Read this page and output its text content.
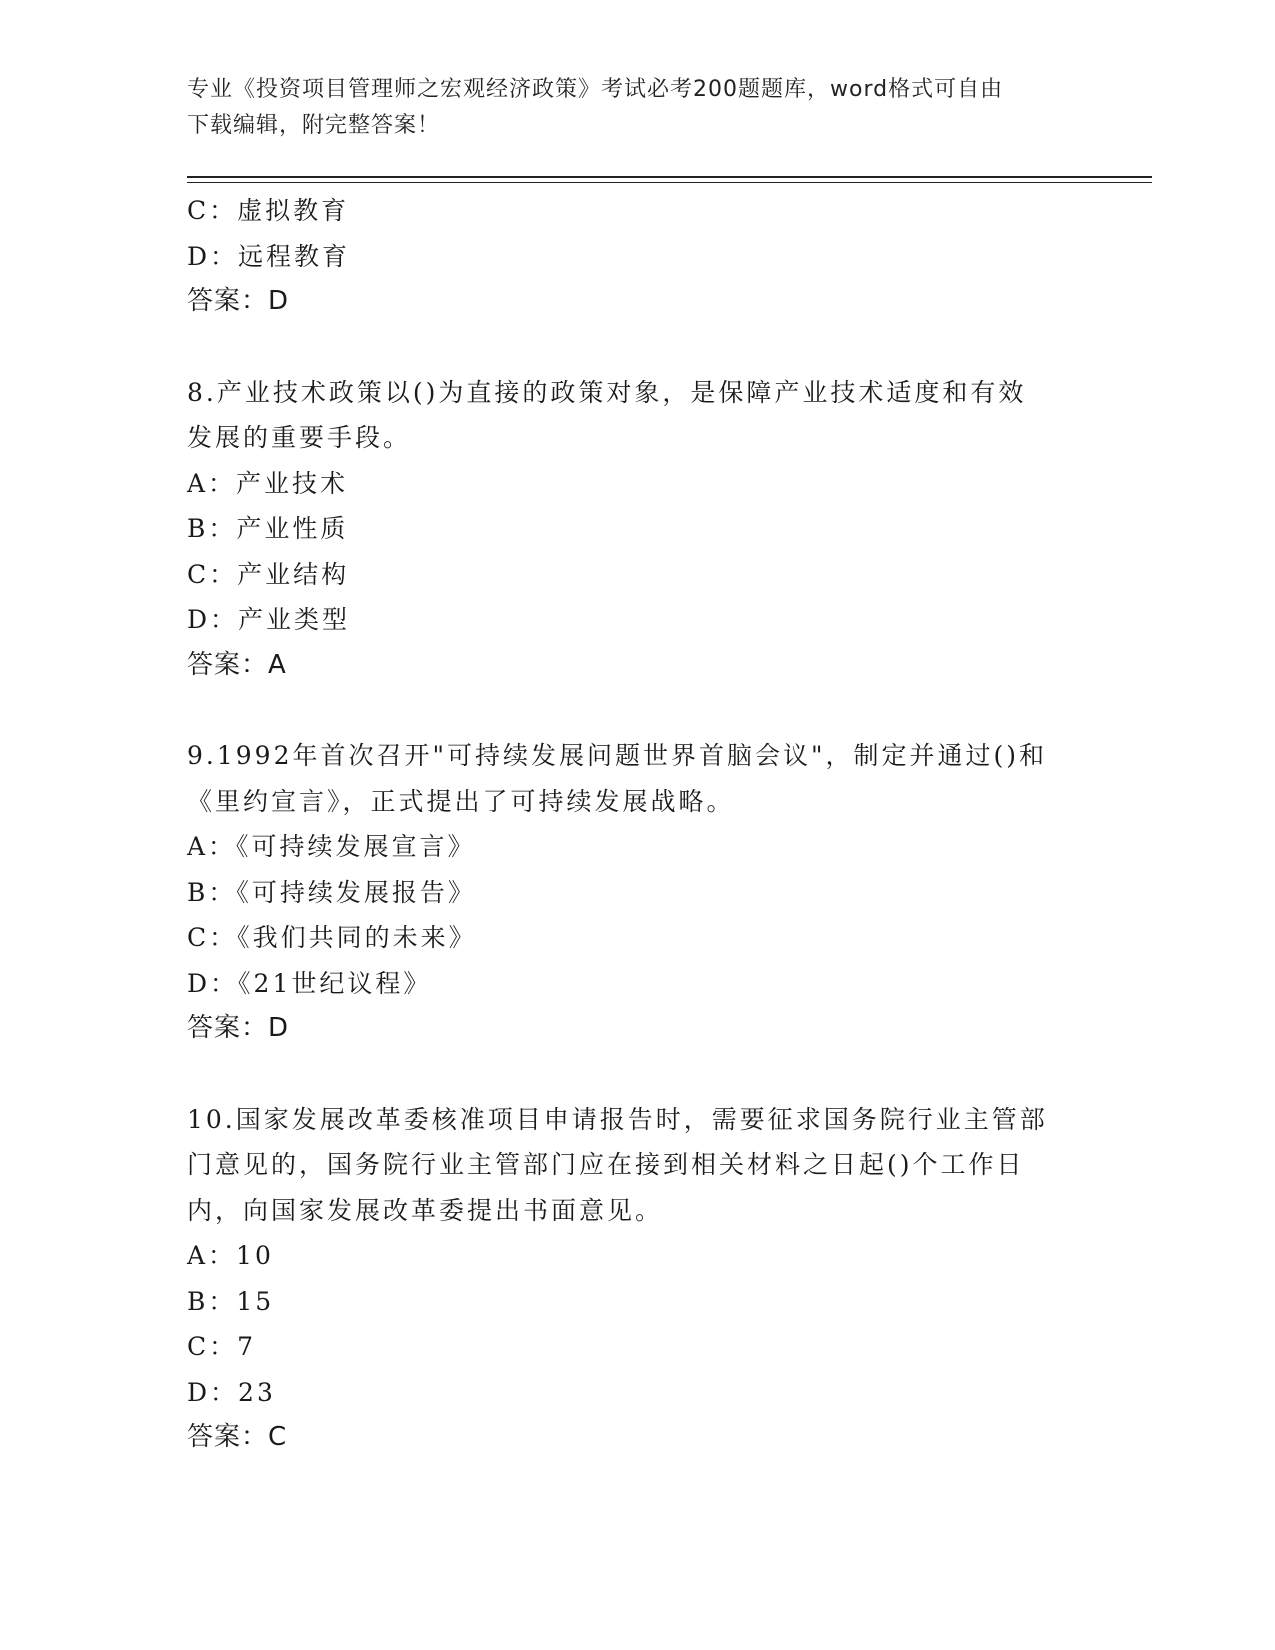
专业《投资项目管理师之宏观经济政策》考试必考200题题库，word格式可自由
下载编辑，附完整答案！
C：虚拟教育
D：远程教育
答案：D
8.产业技术政策以()为直接的政策对象，是保障产业技术适度和有效
发展的重要手段。
A：产业技术
B：产业性质
C：产业结构
D：产业类型
答案：A
9.1992年首次召开"可持续发展问题世界首脑会议"，制定并通过()和
《里约宣言》，正式提出了可持续发展战略。
A：《可持续发展宣言》
B：《可持续发展报告》
C：《我们共同的未来》
D：《21世纪议程》
答案：D
10.国家发展改革委核准项目申请报告时，需要征求国务院行业主管部
门意见的，国务院行业主管部门应在接到相关材料之日起()个工作日
内，向国家发展改革委提出书面意见。
A：10
B：15
C：7
D：23
答案：C
